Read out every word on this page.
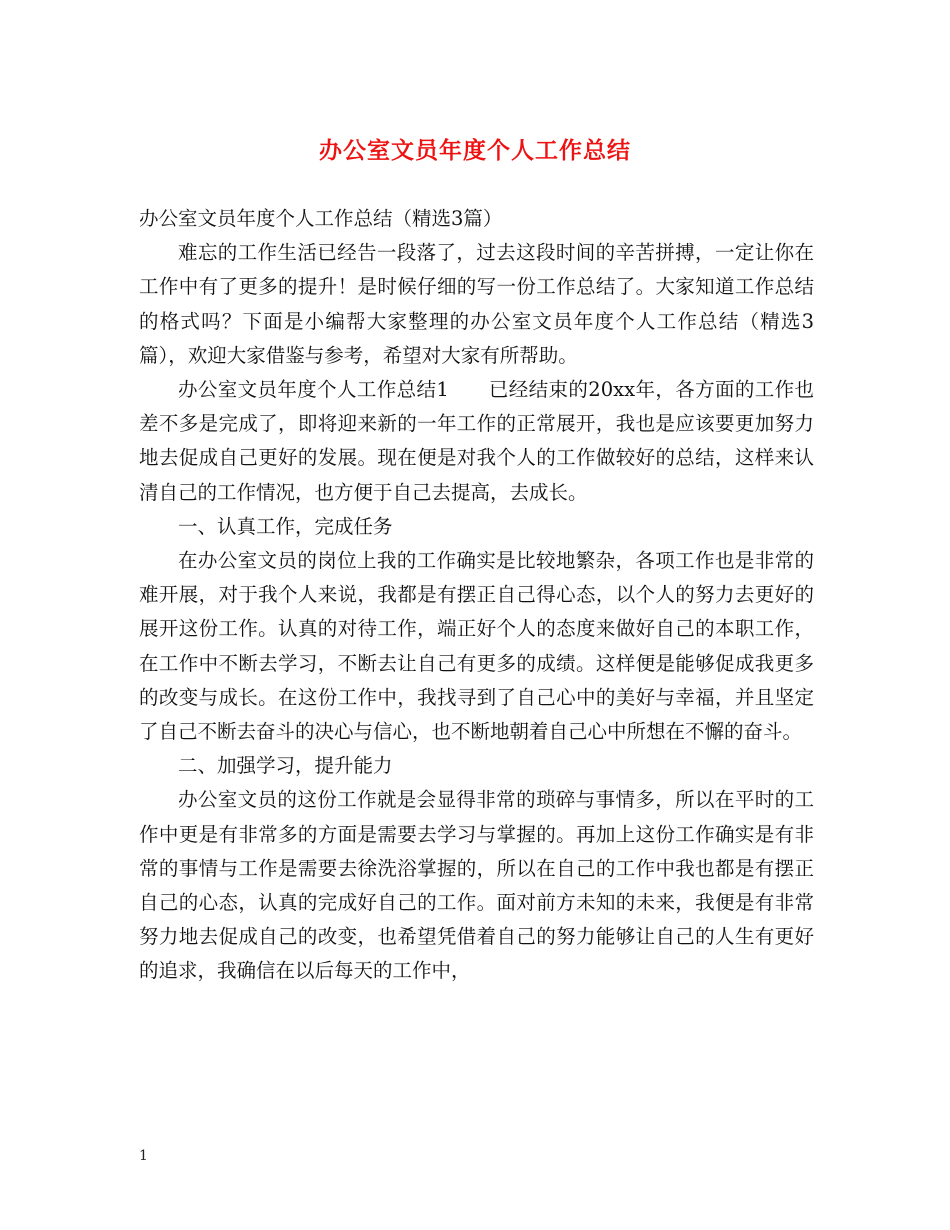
办公室文员年度个人工作总结

办公室文员年度个人工作总结（精选3篇）

难忘的工作生活已经告一段落了，过去这段时间的辛苦拼搏，一定让你在工作中有了更多的提升！是时候仔细的写一份工作总结了。大家知道工作总结的格式吗？下面是小编帮大家整理的办公室文员年度个人工作总结（精选3篇），欢迎大家借鉴与参考，希望对大家有所帮助。

办公室文员年度个人工作总结1　　已经结束的20xx年，各方面的工作也差不多是完成了，即将迎来新的一年工作的正常展开，我也是应该要更加努力地去促成自己更好的发展。现在便是对我个人的工作做较好的总结，这样来认清自己的工作情况，也方便于自己去提高，去成长。

一、认真工作，完成任务

在办公室文员的岗位上我的工作确实是比较地繁杂，各项工作也是非常的难开展，对于我个人来说，我都是有摆正自己得心态，以个人的努力去更好的展开这份工作。认真的对待工作，端正好个人的态度来做好自己的本职工作，在工作中不断去学习，不断去让自己有更多的成绩。这样便是能够促成我更多的改变与成长。在这份工作中，我找寻到了自己心中的美好与幸福，并且坚定了自己不断去奋斗的决心与信心，也不断地朝着自己心中所想在不懈的奋斗。

二、加强学习，提升能力

办公室文员的这份工作就是会显得非常的琐碎与事情多，所以在平时的工作中更是有非常多的方面是需要去学习与掌握的。再加上这份工作确实是有非常的事情与工作是需要去徐洗浴掌握的，所以在自己的工作中我也都是有摆正自己的心态，认真的完成好自己的工作。面对前方未知的未来，我便是有非常努力地去促成自己的改变，也希望凭借着自己的努力能够让自己的人生有更好的追求，我确信在以后每天的工作中，

1
